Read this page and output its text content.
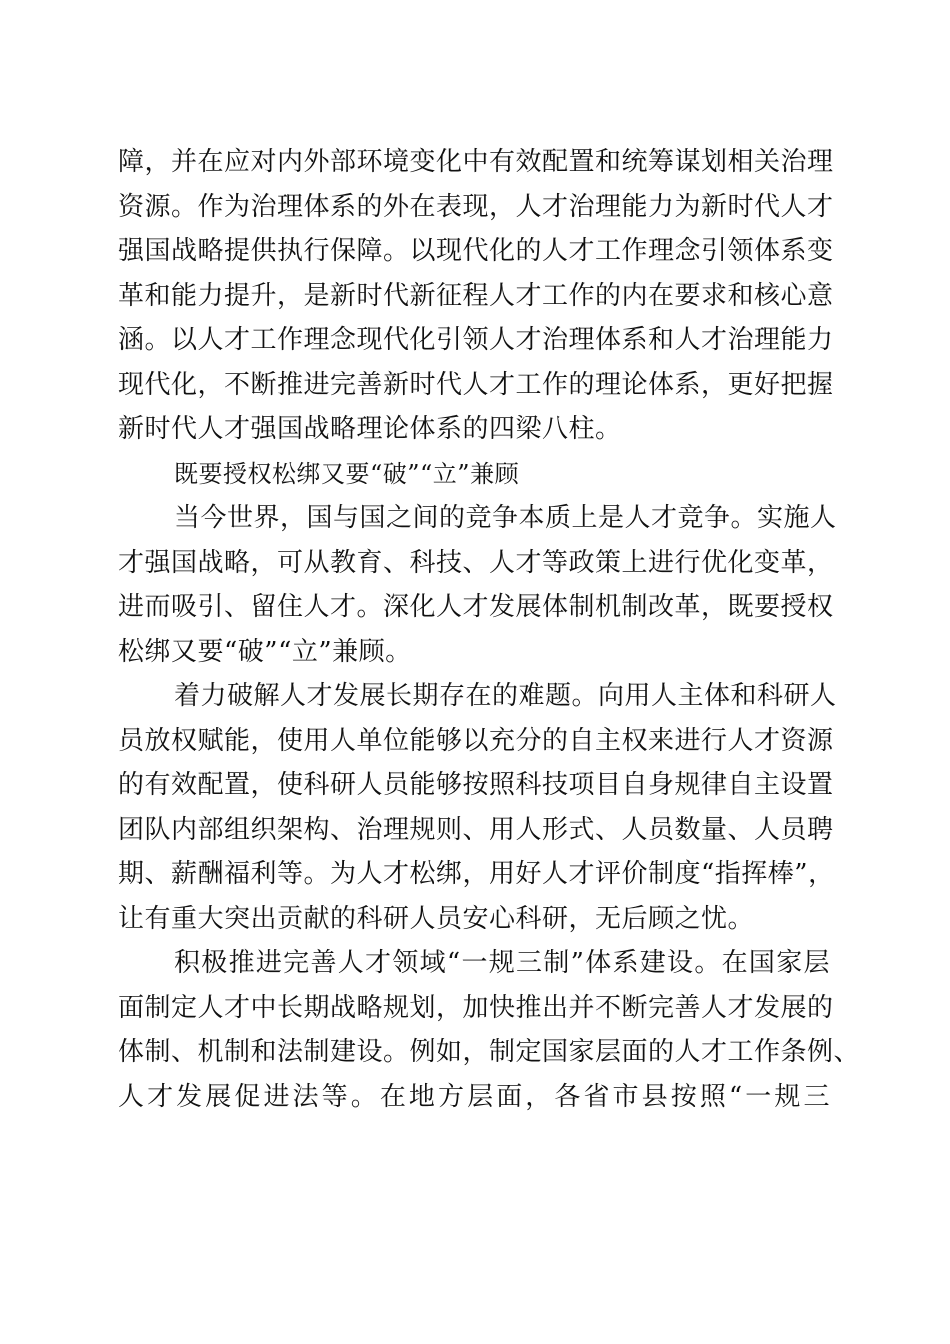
障，并在应对内外部环境变化中有效配置和统筹谋划相关治理
资源。作为治理体系的外在表现，人才治理能力为新时代人才
强国战略提供执行保障。以现代化的人才工作理念引领体系变
革和能力提升，是新时代新征程人才工作的内在要求和核心意
涵。以人才工作理念现代化引领人才治理体系和人才治理能力
现代化，不断推进完善新时代人才工作的理论体系，更好把握
新时代人才强国战略理论体系的四梁八柱。
既要授权松绑又要“破”“立”兼顾
当今世界，国与国之间的竞争本质上是人才竞争。实施人
才强国战略，可从教育、科技、人才等政策上进行优化变革，
进而吸引、留住人才。深化人才发展体制机制改革，既要授权
松绑又要“破”“立”兼顾。
着力破解人才发展长期存在的难题。向用人主体和科研人
员放权赋能，使用人单位能够以充分的自主权来进行人才资源
的有效配置，使科研人员能够按照科技项目自身规律自主设置
团队内部组织架构、治理规则、用人形式、人员数量、人员聘
期、薪酬福利等。为人才松绑，用好人才评价制度“指挥棒”，
让有重大突出贡献的科研人员安心科研，无后顾之忧。
积极推进完善人才领域“一规三制”体系建设。在国家层
面制定人才中长期战略规划，加快推出并不断完善人才发展的
体制、机制和法制建设。例如，制定国家层面的人才工作条例、
人才发展促进法等。在地方层面，各省市县按照“一规三
